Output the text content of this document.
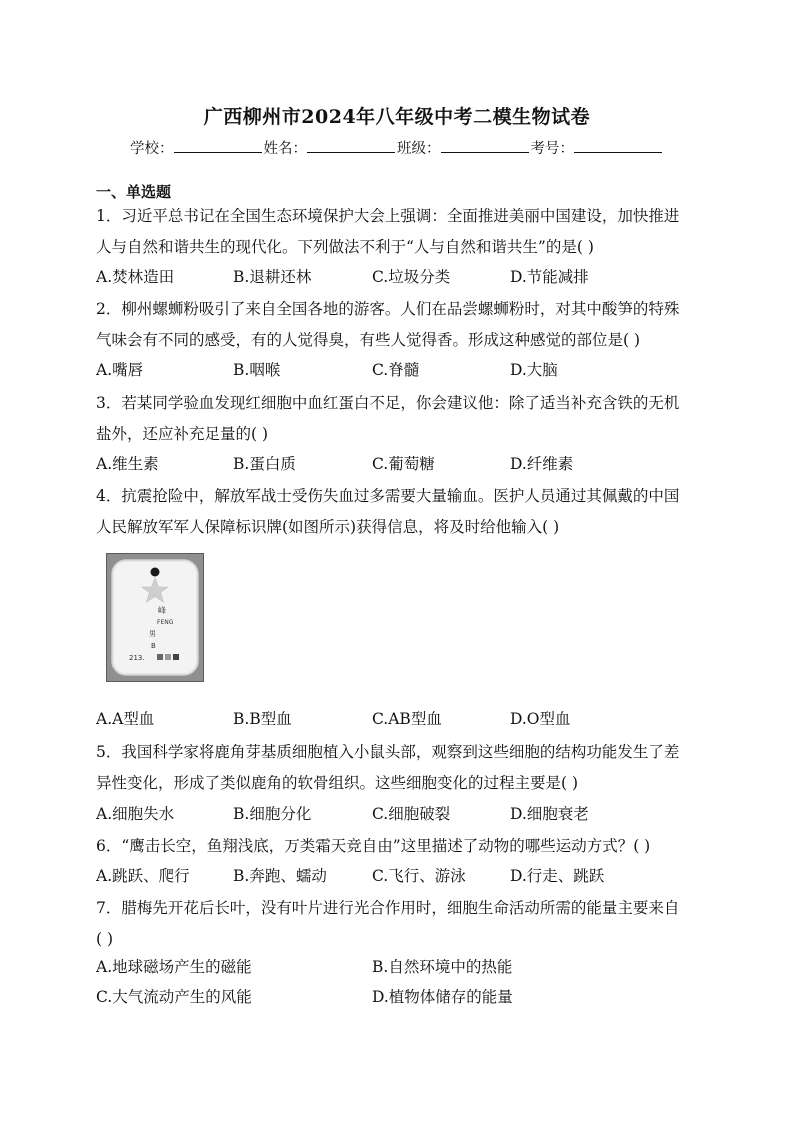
广西柳州市2024年八年级中考二模生物试卷
学校：	姓名：	班级：	考号：
一、单选题
1．习近平总书记在全国生态环境保护大会上强调：全面推进美丽中国建设，加快推进
人与自然和谐共生的现代化。下列做法不利于“人与自然和谐共生”的是( )
A.焚林造田	B.退耕还林	C.垃圾分类	D.节能减排
2．柳州螺蛳粉吸引了来自全国各地的游客。人们在品尝螺蛳粉时，对其中酸笋的特殊
气味会有不同的感受，有的人觉得臭，有些人觉得香。形成这种感觉的部位是( )
A.嘴唇	B.咽喉	C.脊髓	D.大脑
3．若某同学验血发现红细胞中血红蛋白不足，你会建议他：除了适当补充含铁的无机
盐外，还应补充足量的( )
A.维生素	B.蛋白质	C.葡萄糖	D.纤维素
4．抗震抢险中，解放军战士受伤失血过多需要大量输血。医护人员通过其佩戴的中国
人民解放军军人保障标识牌(如图所示)获得信息，将及时给他输入( )
峰
FENG
男
B
213.
A.A型血	B.B型血	C.AB型血	D.O型血
5．我国科学家将鹿角芽基质细胞植入小鼠头部，观察到这些细胞的结构功能发生了差
异性变化，形成了类似鹿角的软骨组织。这些细胞变化的过程主要是( )
A.细胞失水	B.细胞分化	C.细胞破裂	D.细胞衰老
6．“鹰击长空，鱼翔浅底，万类霜天竞自由”这里描述了动物的哪些运动方式？( )
A.跳跃、爬行	B.奔跑、蠕动	C.飞行、游泳	D.行走、跳跃
7．腊梅先开花后长叶，没有叶片进行光合作用时，细胞生命活动所需的能量主要来自
( )
A.地球磁场产生的磁能	B.自然环境中的热能
C.大气流动产生的风能	D.植物体储存的能量
